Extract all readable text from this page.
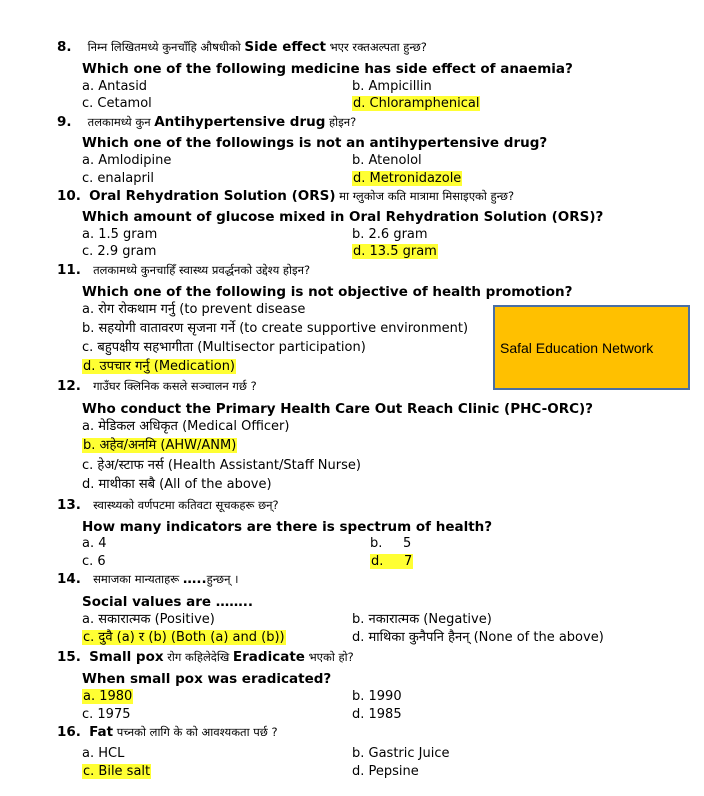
8. निम्न लिखितमध्ये कुनचाँहि औषधीको Side effect भएर रक्तअल्पता हुन्छ?
Which one of the following medicine has side effect of anaemia?
a. Antasid	b. Ampicillin
c. Cetamol	d. Chloramphenical
9. तलकामध्ये कुन Antihypertensive drug होइन?
Which one of the followings is not an antihypertensive drug?
a. Amlodipine	b. Atenolol
c. enalapril	d. Metronidazole
10. Oral Rehydration Solution (ORS) मा ग्लुकोज कति मात्रामा मिसाइएको हुन्छ?
Which amount of glucose mixed in Oral Rehydration Solution (ORS)?
a. 1.5 gram	b. 2.6 gram
c. 2.9 gram	d. 13.5 gram
11. तलकामध्ये कुनचाहिँ स्वास्थ्य प्रवर्द्धनको उद्देश्य होइन?
Which one of the following is not objective of health promotion?
a. रोग रोकथाम गर्नु (to prevent disease
b. सहयोगी वातावरण सृजना गर्ने (to create supportive environment)
c. बहुपक्षीय सहभागीता (Multisector participation)
d. उपचार गर्नु (Medication)
Safal Education Network
12. गाउँघर क्लिनिक कसले सञ्चालन गर्छ ?
Who conduct the Primary Health Care Out Reach Clinic (PHC-ORC)?
a. मेडिकल अधिकृत (Medical Officer)
b. अहेव/अनमि (AHW/ANM)
c. हेअ/स्टाफ नर्स (Health Assistant/Staff Nurse)
d. माथीका सबै (All of the above)
13. स्वास्थ्यको वर्णपटमा कतिवटा सूचकहरू छन्?
How many indicators are there is spectrum of health?
a. 4	b.     5
c. 6	d.     7
14. समाजका मान्यताहरू …..हुन्छन् ।
Social values are ……..
a. सकारात्मक (Positive)	b. नकारात्मक (Negative)
c. दुवै (a) र (b) (Both (a) and (b))	d. माथिका कुनैपनि हैनन् (None of the above)
15. Small pox रोग कहिलेदेखि Eradicate भएको हो?
When small pox was eradicated?
a. 1980	b. 1990
c. 1975	d. 1985
16. Fat पच्नको लागि के को आवश्यकता पर्छ ?
a. HCL	b. Gastric Juice
c. Bile salt	d. Pepsine
